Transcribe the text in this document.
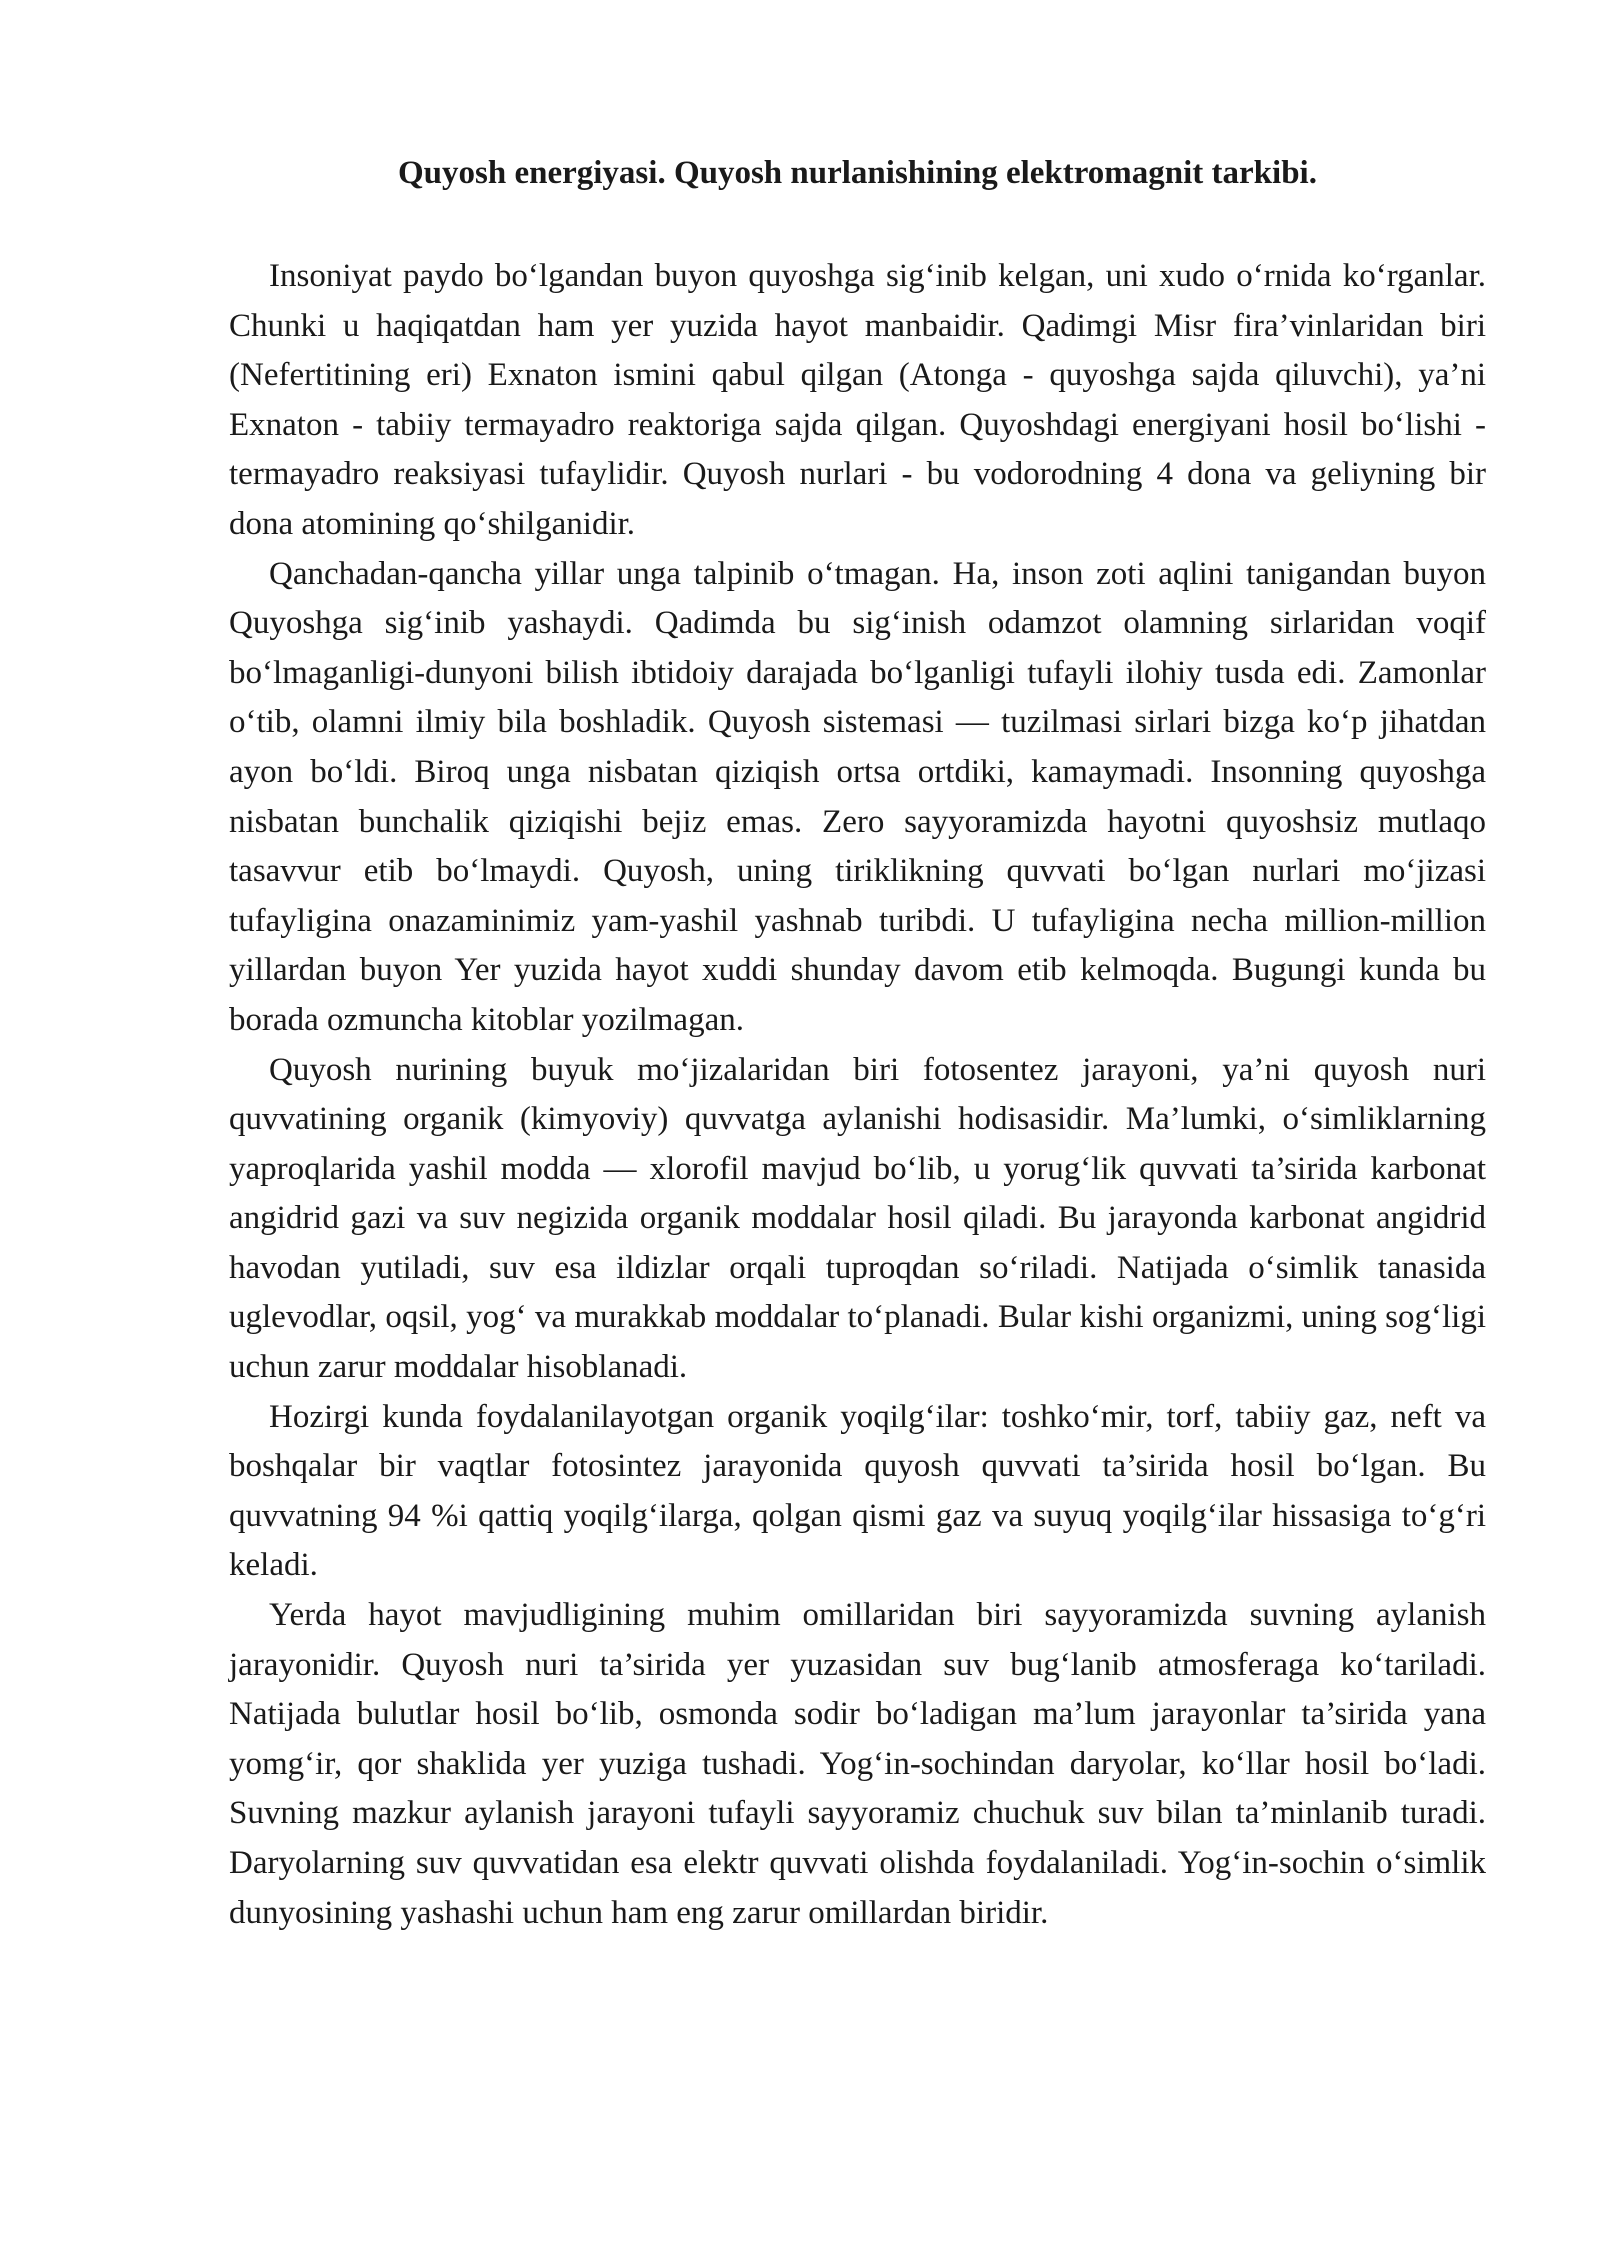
Quyosh energiyasi. Quyosh nurlanishining elektromagnit tarkibi.

Insoniyat paydo bo‘lgandan buyon quyoshga sig‘inib kelgan, uni xudo o‘rnida ko‘rganlar. Chunki u haqiqatdan ham yer yuzida hayot manbaidir. Qadimgi Misr fira’vinlaridan biri (Nefertitining eri) Exnaton ismini qabul qilgan (Atonga - quyoshga sajda qiluvchi), ya’ni Exnaton - tabiiy termayadro reaktoriga sajda qilgan. Quyoshdagi energiyani hosil bo‘lishi - termayadro reaksiyasi tufaylidir. Quyosh nurlari - bu vodorodning 4 dona va geliyning bir dona atomining qo‘shilganidir.

Qanchadan-qancha yillar unga talpinib o‘tmagan. Ha, inson zoti aqlini tanigandan buyon Quyoshga sig‘inib yashaydi. Qadimda bu sig‘inish odamzot olamning sirlaridan voqif bo‘lmaganligi-dunyoni bilish ibtidoiy darajada bo‘lganligi tufayli ilohiy tusda edi. Zamonlar o‘tib, olamni ilmiy bila boshladik. Quyosh sistemasi — tuzilmasi sirlari bizga ko‘p jihatdan ayon bo‘ldi. Biroq unga nisbatan qiziqish ortsa ortdiki, kamaymadi. Insonning quyoshga nisbatan bunchalik qiziqishi bejiz emas. Zero sayyoramizda hayotni quyoshsiz mutlaqo tasavvur etib bo‘lmaydi. Quyosh, uning tiriklikning quvvati bo‘lgan nurlari mo‘jizasi tufayligina onazaminimiz yam-yashil yashnab turibdi. U tufayligina necha million-million yillardan buyon Yer yuzida hayot xuddi shunday davom etib kelmoqda. Bugungi kunda bu borada ozmuncha kitoblar yozilmagan.

Quyosh nurining buyuk mo‘jizalaridan biri fotosentez jarayoni, ya’ni quyosh nuri quvvatining organik (kimyoviy) quvvatga aylanishi hodisasidir. Ma’lumki, o‘simliklarning yaproqlarida yashil modda — xlorofil mavjud bo‘lib, u yorug‘lik quvvati ta’sirida karbonat angidrid gazi va suv negizida organik moddalar hosil qiladi. Bu jarayonda karbonat angidrid havodan yutiladi, suv esa ildizlar orqali tuproqdan so‘riladi. Natijada o‘simlik tanasida uglevodlar, oqsil, yog‘ va murakkab moddalar to‘planadi. Bular kishi organizmi, uning sog‘ligi uchun zarur moddalar hisoblanadi.

Hozirgi kunda foydalanilayotgan organik yoqilg‘ilar: toshko‘mir, torf, tabiiy gaz, neft va boshqalar bir vaqtlar fotosintez jarayonida quyosh quvvati ta’sirida hosil bo‘lgan. Bu quvvatning 94 %i qattiq yoqilg‘ilarga, qolgan qismi gaz va suyuq yoqilg‘ilar hissasiga to‘g‘ri keladi.

Yerda hayot mavjudligining muhim omillaridan biri sayyoramizda suvning aylanish jarayonidir. Quyosh nuri ta’sirida yer yuzasidan suv bug‘lanib atmosferaga ko‘tariladi. Natijada bulutlar hosil bo‘lib, osmonda sodir bo‘ladigan ma’lum jarayonlar ta’sirida yana yomg‘ir, qor shaklida yer yuziga tushadi. Yog‘in-sochindan daryolar, ko‘llar hosil bo‘ladi. Suvning mazkur aylanish jarayoni tufayli sayyoramiz chuchuk suv bilan ta’minlanib turadi. Daryolarning suv quvvatidan esa elektr quvvati olishda foydalaniladi. Yog‘in-sochin o‘simlik dunyosining yashashi uchun ham eng zarur omillardan biridir.
